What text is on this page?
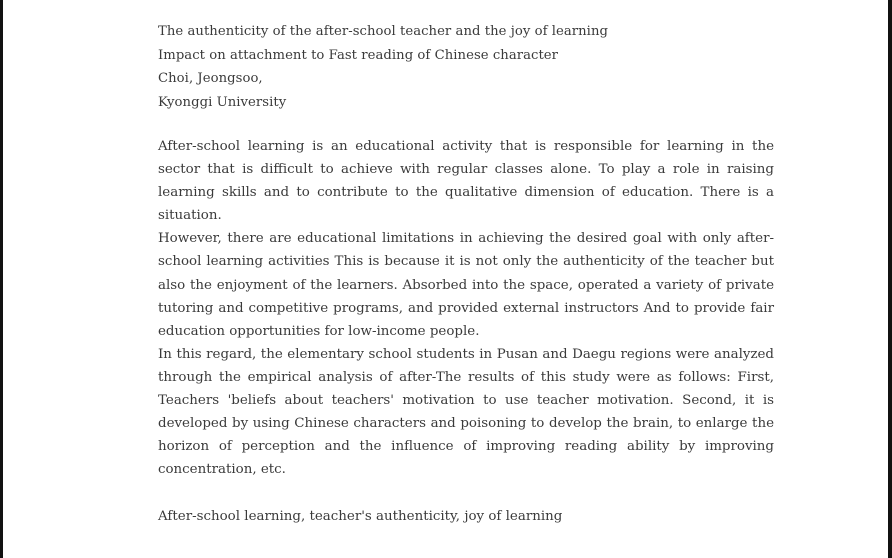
The authenticity of the after-school teacher and the joy of learning
Impact on attachment to Fast reading of Chinese character
Choi, Jeongsoo,
Kyonggi University

After-school learning is an educational activity that is responsible for learning in the sector that is difficult to achieve with regular classes alone. To play a role in raising learning skills and to contribute to the qualitative dimension of education. There is a situation.

However, there are educational limitations in achieving the desired goal with only after-school learning activities This is because it is not only the authenticity of the teacher but also the enjoyment of the learners. Absorbed into the space, operated a variety of private tutoring and competitive programs, and provided external instructors And to provide fair education opportunities for low-income people.

In this regard, the elementary school students in Pusan and Daegu regions were analyzed through the empirical analysis of after-The results of this study were as follows: First, Teachers 'beliefs about teachers' motivation to use teacher motivation. Second, it is developed by using Chinese characters and poisoning to develop the brain, to enlarge the horizon of perception and the influence of improving reading ability by improving concentration, etc.

After-school learning, teacher's authenticity, joy of learning
